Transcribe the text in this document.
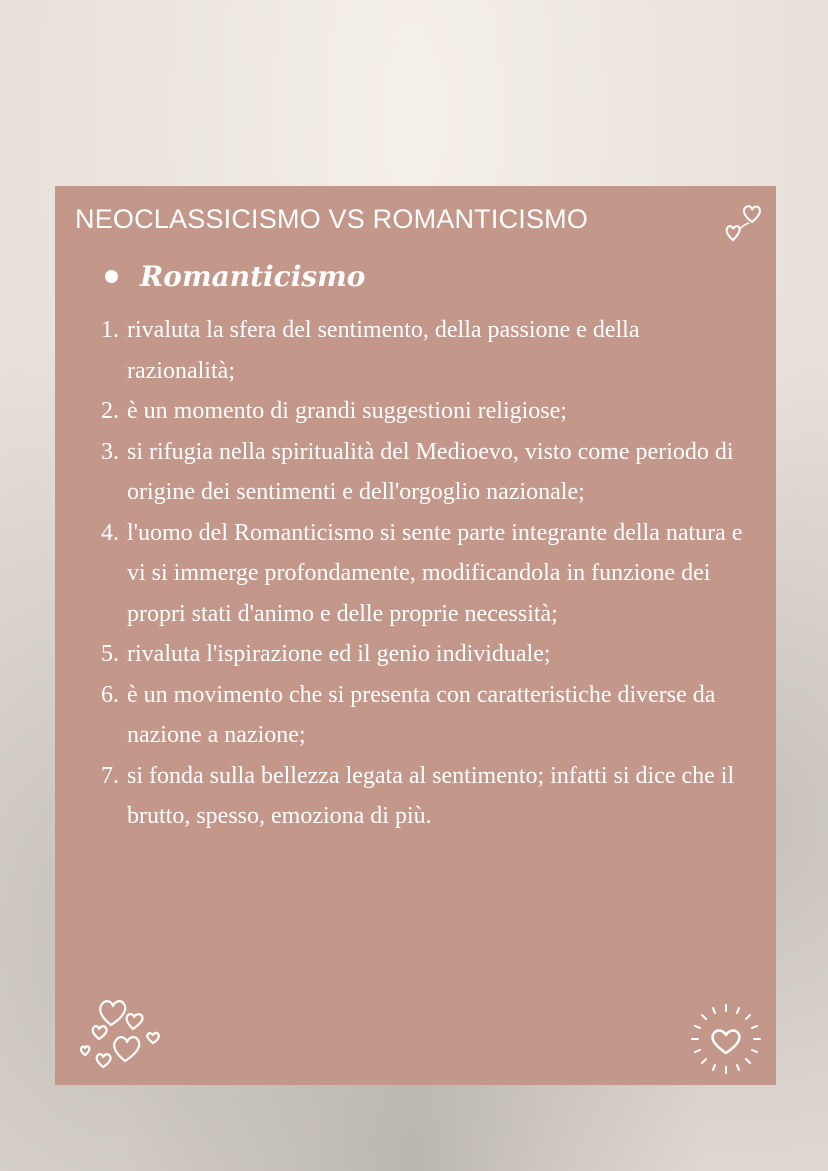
NEOCLASSICISMO VS ROMANTICISMO
Romanticismo
1. rivaluta la sfera del sentimento, della passione e della razionalità;
2. è un momento di grandi suggestioni religiose;
3. si rifugia nella spiritualità del Medioevo, visto come periodo di origine dei sentimenti e dell'orgoglio nazionale;
4. l'uomo del Romanticismo si sente parte integrante della natura e vi si immerge profondamente, modificandola in funzione dei propri stati d'animo e delle proprie necessità;
5. rivaluta l'ispirazione ed il genio individuale;
6. è un movimento che si presenta con caratteristiche diverse da nazione a nazione;
7. si fonda sulla bellezza legata al sentimento; infatti si dice che il brutto, spesso, emoziona di più.
